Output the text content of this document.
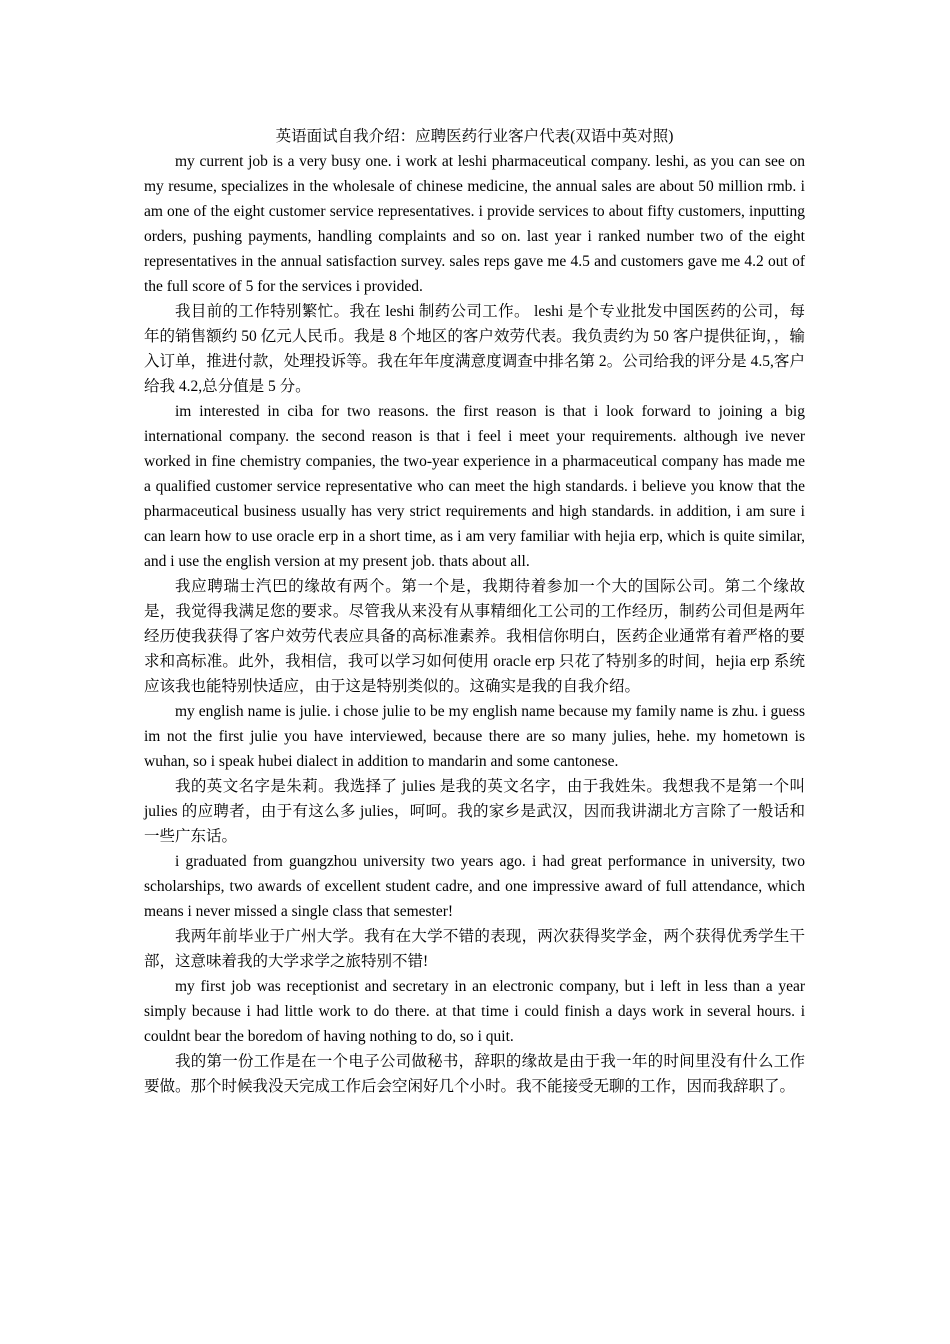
英语面试自我介绍：应聘医药行业客户代表(双语中英对照)

my current job is a very busy one. i work at leshi pharmaceutical company. leshi, as you can see on my resume, specializes in the wholesale of chinese medicine, the annual sales are about 50 million rmb. i am one of the eight customer service representatives. i provide services to about fifty customers, inputting orders, pushing payments, handling complaints and so on. last year i ranked number two of the eight representatives in the annual satisfaction survey. sales reps gave me 4.5 and customers gave me 4.2 out of the full score of 5 for the services i provided.

我目前的工作特别繁忙。我在 leshi 制药公司工作。 leshi 是个专业批发中国医药的公司，每年的销售额约 50 亿元人民币。我是 8 个地区的客户效劳代表。我负责约为 50 客户提供征询，，输入订单，推进付款，处理投诉等。我在年年度满意度调查中排名第 2。公司给我的评分是 4.5,客户给我 4.2,总分值是 5 分。

im interested in ciba for two reasons. the first reason is that i look forward to joining a big international company. the second reason is that i feel i meet your requirements. although ive never worked in fine chemistry companies, the two-year experience in a pharmaceutical company has made me a qualified customer service representative who can meet the high standards. i believe you know that the pharmaceutical business usually has very strict requirements and high standards. in addition, i am sure i can learn how to use oracle erp in a short time, as i am very familiar with hejia erp, which is quite similar, and i use the english version at my present job. thats about all.

我应聘瑞士汽巴的缘故有两个。第一个是，我期待着参加一个大的国际公司。第二个缘故是，我觉得我满足您的要求。尽管我从来没有从事精细化工公司的工作经历，制药公司但是两年经历使我获得了客户效劳代表应具备的高标准素养。我相信你明白，医药企业通常有着严格的要求和高标准。此外，我相信，我可以学习如何使用 oracle erp 只花了特别多的时间，hejia erp 系统应该我也能特别快适应，由于这是特别类似的。这确实是我的自我介绍。

my english name is julie. i chose julie to be my english name because my family name is zhu. i guess im not the first julie you have interviewed, because there are so many julies, hehe. my hometown is wuhan, so i speak hubei dialect in addition to mandarin and some cantonese.

我的英文名字是朱莉。我选择了 julies 是我的英文名字，由于我姓朱。我想我不是第一个叫 julies 的应聘者，由于有这么多 julies，呵呵。我的家乡是武汉，因而我讲湖北方言除了一般话和一些广东话。

i graduated from guangzhou university two years ago. i had great performance in university, two scholarships, two awards of excellent student cadre, and one impressive award of full attendance, which means i never missed a single class that semester!

我两年前毕业于广州大学。我有在大学不错的表现，两次获得奖学金，两个获得优秀学生干部，这意味着我的大学求学之旅特别不错!

my first job was receptionist and secretary in an electronic company, but i left in less than a year simply because i had little work to do there. at that time i could finish a days work in several hours. i couldnt bear the boredom of having nothing to do, so i quit.

我的第一份工作是在一个电子公司做秘书，辞职的缘故是由于我一年的时间里没有什么工作要做。那个时候我没天完成工作后会空闲好几个小时。我不能接受无聊的工作，因而我辞职了。
